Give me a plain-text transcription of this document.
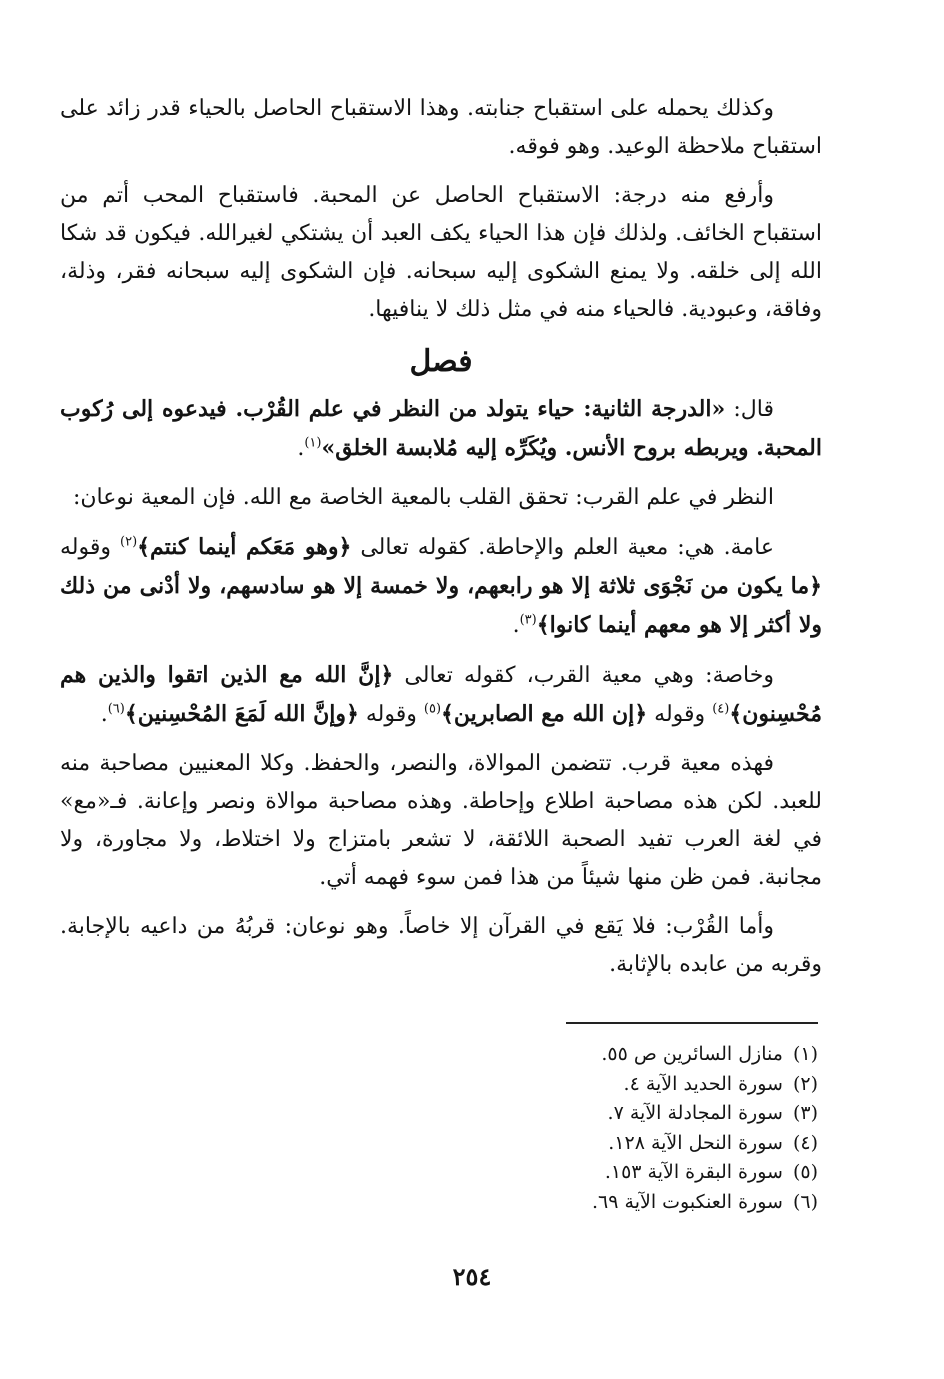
وكذلك يحمله على استقباح جنابته. وهذا الاستقباح الحاصل بالحياء قدر زائد على استقباح ملاحظة الوعيد. وهو فوقه.

وأرفع منه درجة: الاستقباح الحاصل عن المحبة. فاستقباح المحب أتم من استقباح الخائف. ولذلك فإن هذا الحياء يكف العبد أن يشتكي لغيرالله. فيكون قد شكا الله إلى خلقه. ولا يمنع الشكوى إليه سبحانه. فإن الشكوى إليه سبحانه فقر، وذلة، وفاقة، وعبودية. فالحياء منه في مثل ذلك لا ينافيها.

فصل

قال: «الدرجة الثانية: حياء يتولد من النظر في علم القُرْب. فيدعوه إلى رُكوب المحبة. ويربطه بروح الأنس. ويُكَرِّه إليه مُلابسة الخلق»$^{(١)}$.

النظر في علم القرب: تحقق القلب بالمعية الخاصة مع الله. فإن المعية نوعان:

عامة. هي: معية العلم والإحاطة. كقوله تعالى ﴿وهو مَعَكم أينما كنتم﴾$^{(٢)}$ وقوله ﴿ما يكون من نَجْوَى ثلاثة إلا هو رابعهم، ولا خمسة إلا هو سادسهم، ولا أدْنى من ذلك ولا أكثر إلا هو معهم أينما كانوا﴾$^{(٣)}$.

وخاصة: وهي معية القرب، كقوله تعالى ﴿إنَّ الله مع الذين اتقوا والذين هم مُحْسِنون﴾$^{(٤)}$ وقوله ﴿إن الله مع الصابرين﴾$^{(٥)}$ وقوله ﴿وإنَّ الله لَمَعَ المُحْسِنين﴾$^{(٦)}$.

فهذه معية قرب. تتضمن الموالاة، والنصر، والحفظ. وكلا المعنيين مصاحبة منه للعبد. لكن هذه مصاحبة اطلاع وإحاطة. وهذه مصاحبة موالاة ونصر وإعانة. فـ«مع» في لغة العرب تفيد الصحبة اللائقة، لا تشعر بامتزاج ولا اختلاط، ولا مجاورة، ولا مجانبة. فمن ظن منها شيئاً من هذا فمن سوء فهمه أتي.

وأما القُرْب: فلا يَقع في القرآن إلا خاصاً. وهو نوعان: قربُهُ من داعيه بالإجابة. وقربه من عابده بالإثابة.

(١)منازل السائرين ص ٥٥.
(٢)سورة الحديد الآية ٤.
(٣)سورة المجادلة الآية ٧.
(٤)سورة النحل الآية ١٢٨.
(٥)سورة البقرة الآية ١٥٣.
(٦)سورة العنكبوت الآية ٦٩.
٢٥٤
